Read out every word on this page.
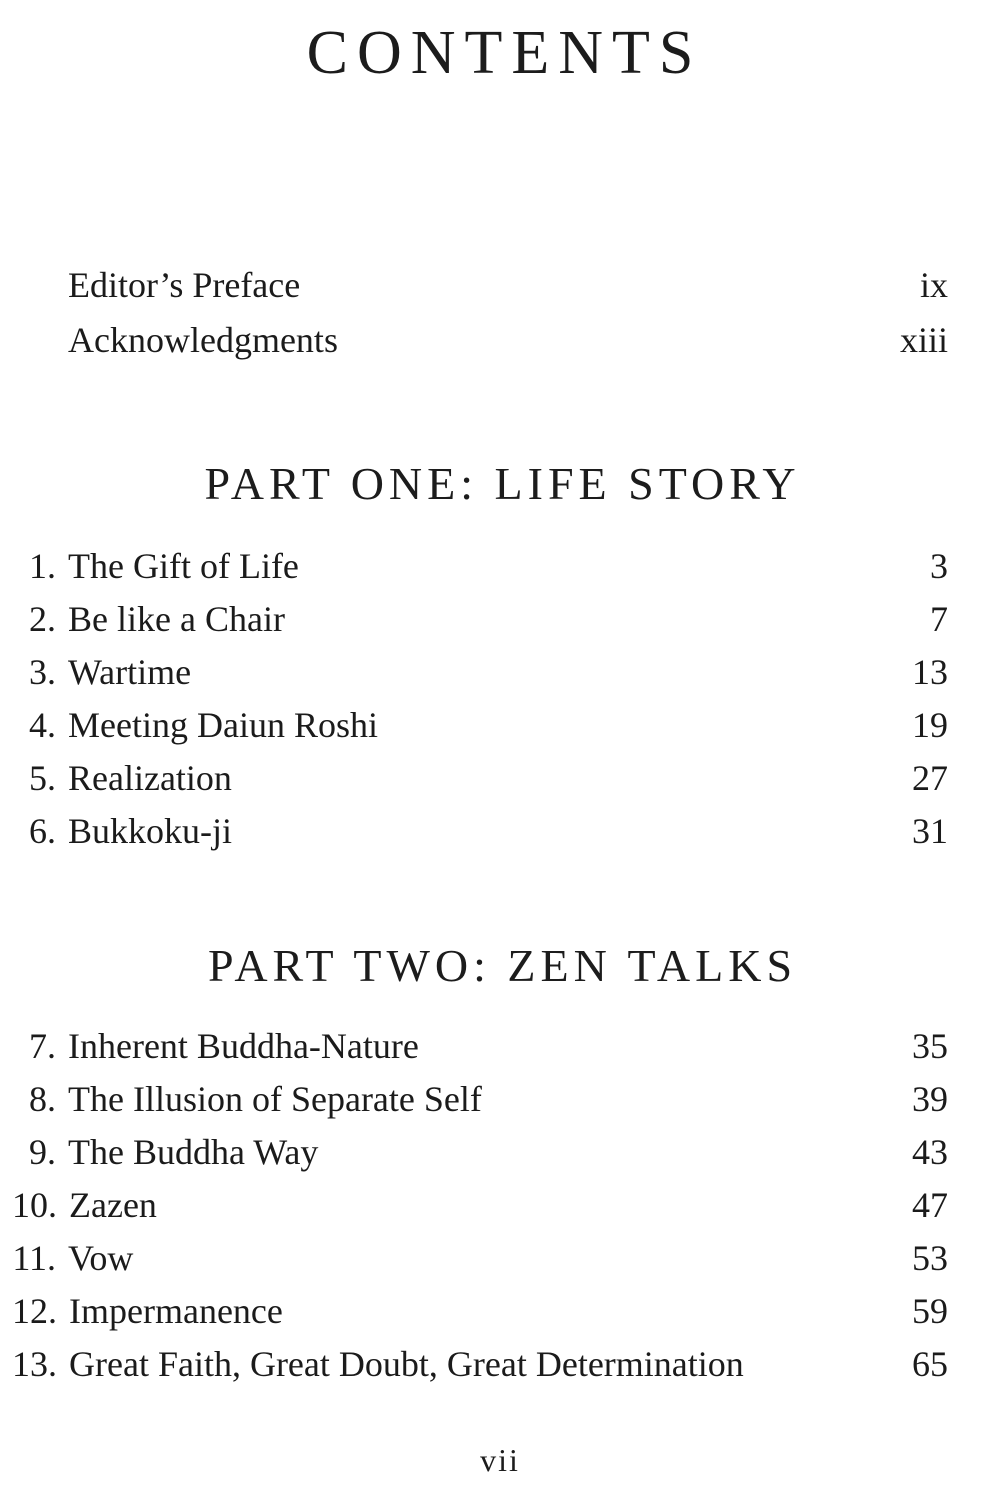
CONTENTS
Editor’s Preface	ix
Acknowledgments	xiii
PART ONE: LIFE STORY
1. The Gift of Life	3
2. Be like a Chair	7
3. Wartime	13
4. Meeting Daiun Roshi	19
5. Realization	27
6. Bukkoku-ji	31
PART TWO: ZEN TALKS
7. Inherent Buddha-Nature	35
8. The Illusion of Separate Self	39
9. The Buddha Way	43
10. Zazen	47
11. Vow	53
12. Impermanence	59
13. Great Faith, Great Doubt, Great Determination	65
vii
